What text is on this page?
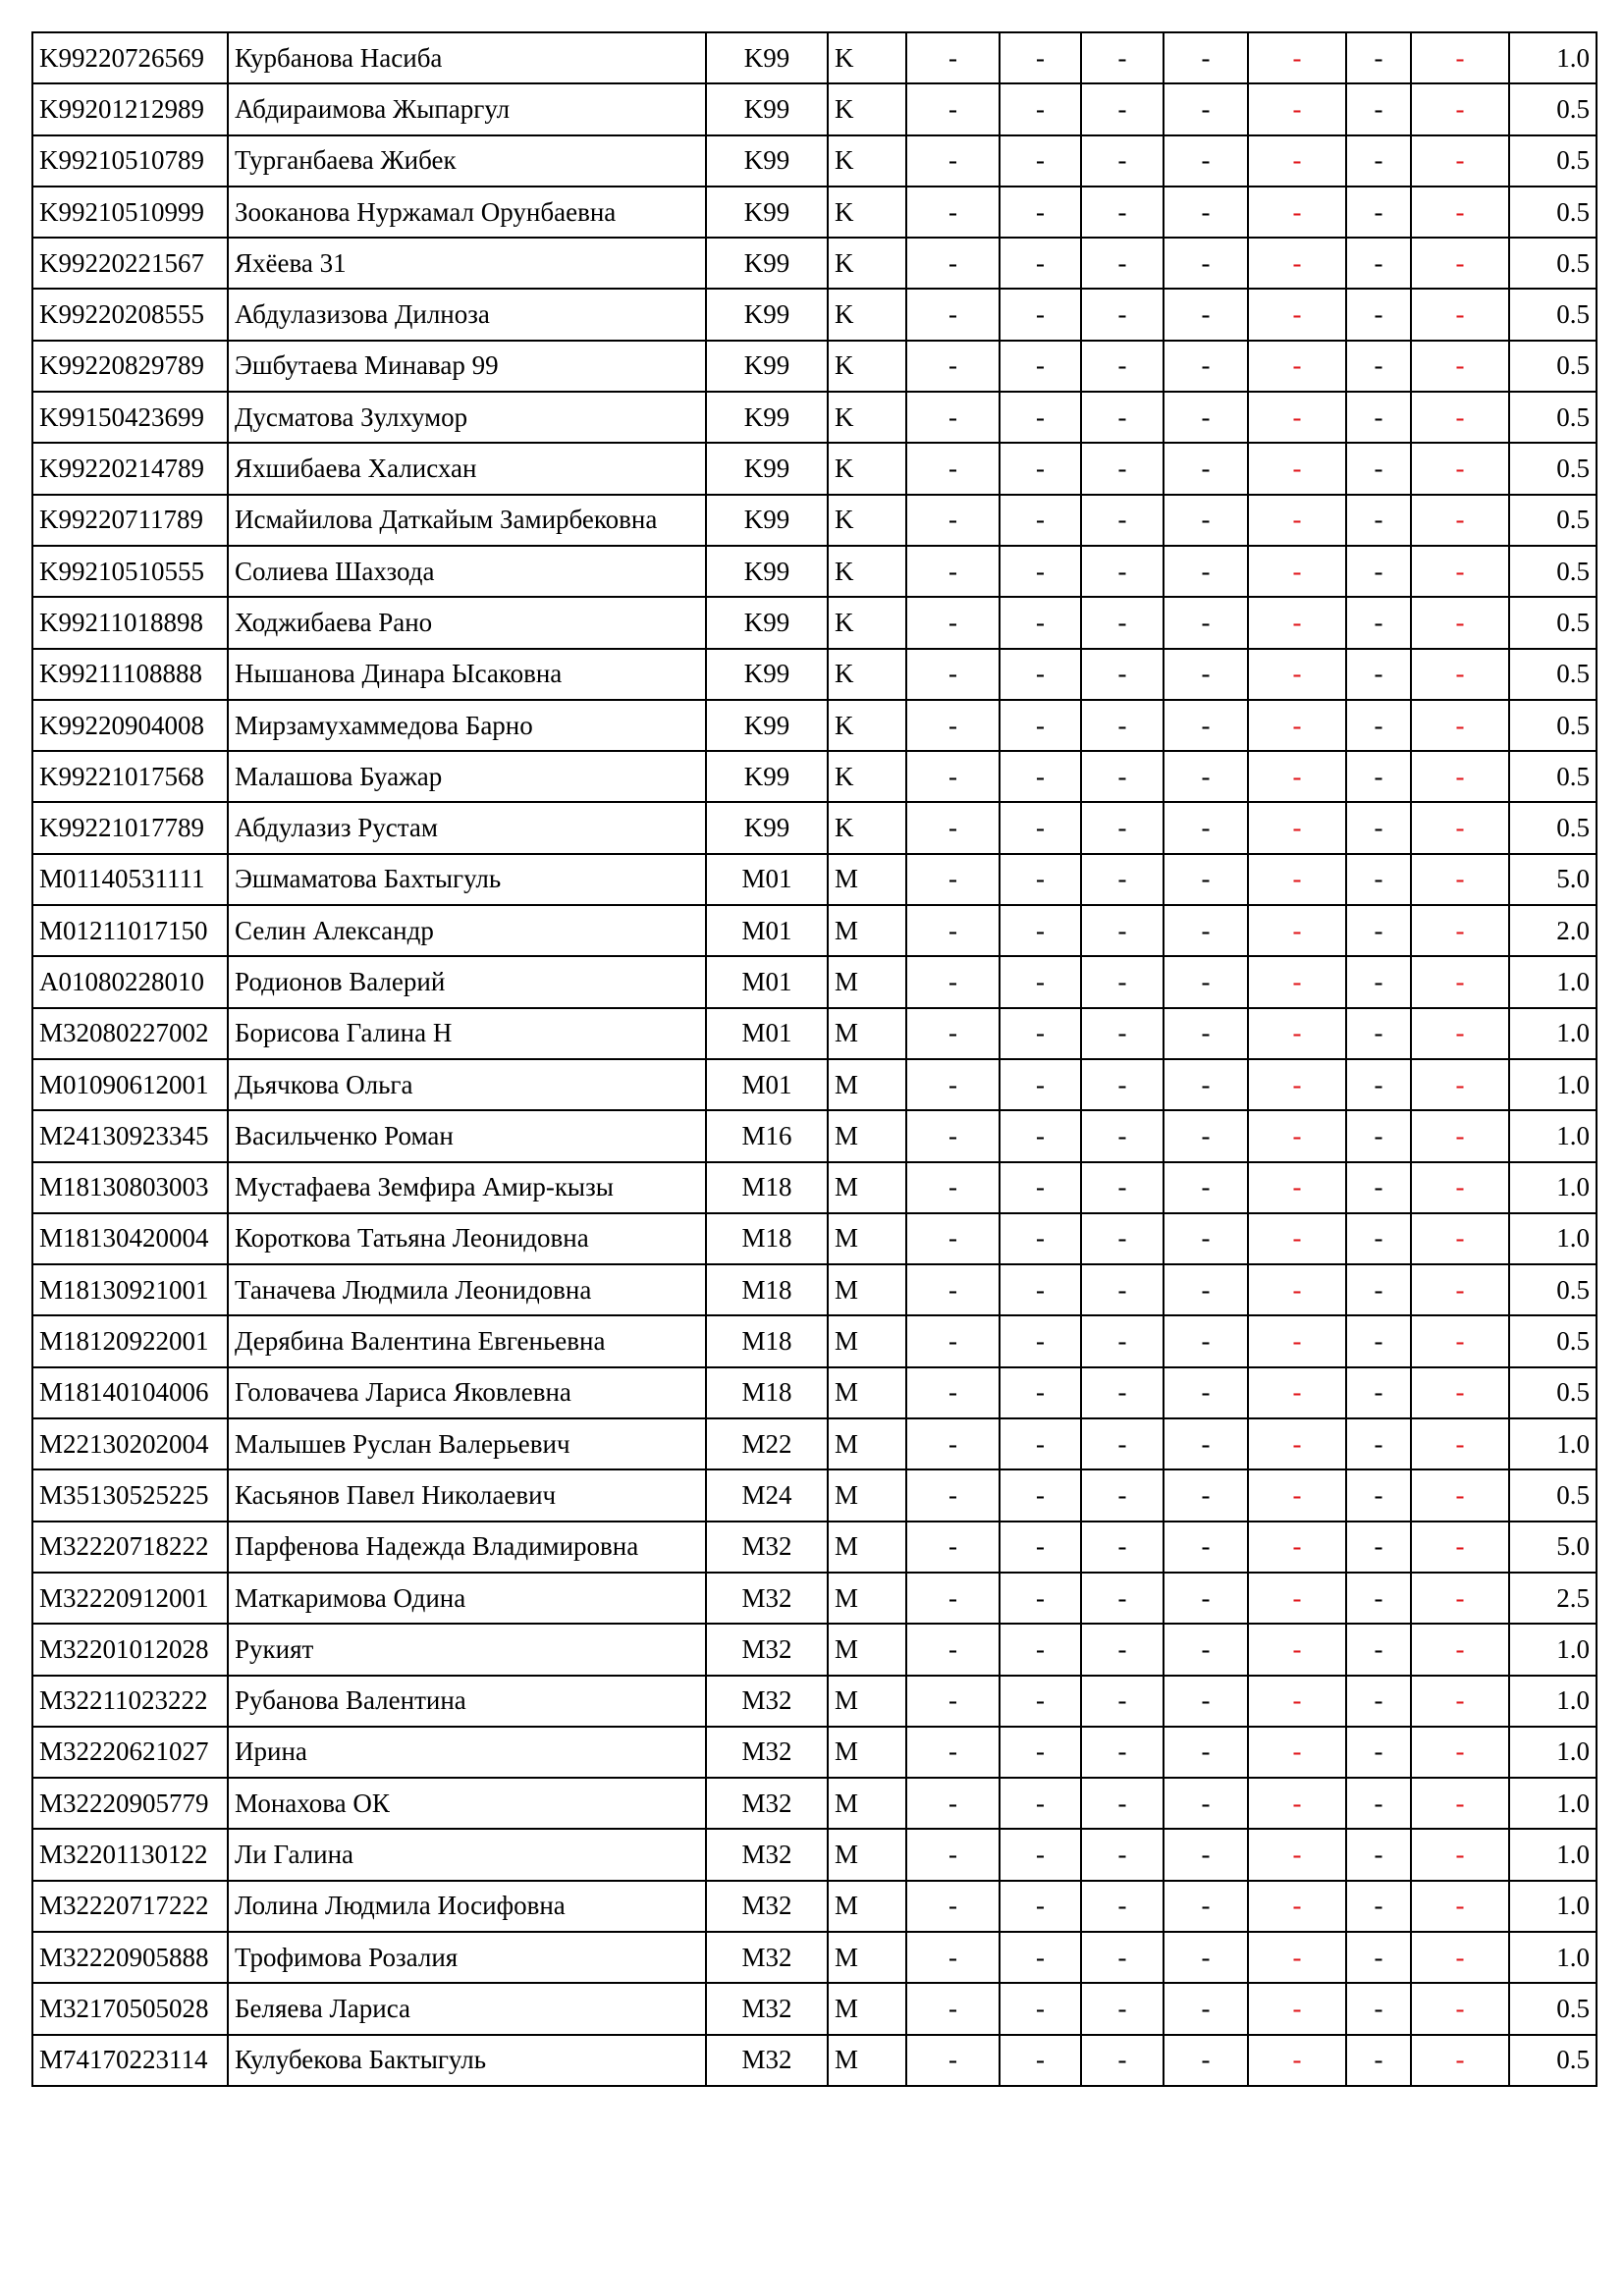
K99220726569	Курбанова Насиба	K99	K	-	-	-	-	-	-	-	1.0
K99201212989	Абдираимова Жыпаргул	K99	K	-	-	-	-	-	-	-	0.5
K99210510789	Турганбаева Жибек	K99	K	-	-	-	-	-	-	-	0.5
K99210510999	Зооканова Нуржамал Орунбаевна	K99	K	-	-	-	-	-	-	-	0.5
K99220221567	Яхёева 31	K99	K	-	-	-	-	-	-	-	0.5
K99220208555	Абдулазизова Дилноза	K99	K	-	-	-	-	-	-	-	0.5
K99220829789	Эшбутаева Минавар 99	K99	K	-	-	-	-	-	-	-	0.5
K99150423699	Дусматова Зулхумор	K99	K	-	-	-	-	-	-	-	0.5
K99220214789	Яхшибаева Халисхан	K99	K	-	-	-	-	-	-	-	0.5
K99220711789	Исмайилова Даткайым Замирбековна	K99	K	-	-	-	-	-	-	-	0.5
K99210510555	Солиева Шахзода	K99	K	-	-	-	-	-	-	-	0.5
K99211018898	Ходжибаева Рано	K99	K	-	-	-	-	-	-	-	0.5
K99211108888	Нышанова Динара Ысаковна	K99	K	-	-	-	-	-	-	-	0.5
K99220904008	Мирзамухаммедова Барно	K99	K	-	-	-	-	-	-	-	0.5
K99221017568	Малашова Буажар	K99	K	-	-	-	-	-	-	-	0.5
K99221017789	Абдулазиз Рустам	K99	K	-	-	-	-	-	-	-	0.5
M01140531111	Эшмаматова Бахтыгуль	M01	M	-	-	-	-	-	-	-	5.0
M01211017150	Селин Александр	M01	M	-	-	-	-	-	-	-	2.0
A01080228010	Родионов Валерий	M01	M	-	-	-	-	-	-	-	1.0
M32080227002	Борисова Галина Н	M01	M	-	-	-	-	-	-	-	1.0
M01090612001	Дьячкова Ольга	M01	M	-	-	-	-	-	-	-	1.0
M24130923345	Васильченко Роман	M16	M	-	-	-	-	-	-	-	1.0
M18130803003	Мустафаева Земфира Амир-кызы	M18	M	-	-	-	-	-	-	-	1.0
M18130420004	Короткова Татьяна Леонидовна	M18	M	-	-	-	-	-	-	-	1.0
M18130921001	Таначева Людмила Леонидовна	M18	M	-	-	-	-	-	-	-	0.5
M18120922001	Дерябина Валентина Евгеньевна	M18	M	-	-	-	-	-	-	-	0.5
M18140104006	Головачева Лариса Яковлевна	M18	M	-	-	-	-	-	-	-	0.5
M22130202004	Малышев Руслан Валерьевич	M22	M	-	-	-	-	-	-	-	1.0
M35130525225	Касьянов Павел Николаевич	M24	M	-	-	-	-	-	-	-	0.5
M32220718222	Парфенова Надежда Владимировна	M32	M	-	-	-	-	-	-	-	5.0
M32220912001	Маткаримова Одина	M32	M	-	-	-	-	-	-	-	2.5
M32201012028	Рукият	M32	M	-	-	-	-	-	-	-	1.0
M32211023222	Рубанова Валентина	M32	M	-	-	-	-	-	-	-	1.0
M32220621027	Ирина	M32	M	-	-	-	-	-	-	-	1.0
M32220905779	Монахова ОК	M32	M	-	-	-	-	-	-	-	1.0
M32201130122	Ли Галина	M32	M	-	-	-	-	-	-	-	1.0
M32220717222	Лолина Людмила Иосифовна	M32	M	-	-	-	-	-	-	-	1.0
M32220905888	Трофимова Розалия	M32	M	-	-	-	-	-	-	-	1.0
M32170505028	Беляева Лариса	M32	M	-	-	-	-	-	-	-	0.5
M74170223114	Кулубекова Бактыгуль	M32	M	-	-	-	-	-	-	-	0.5
